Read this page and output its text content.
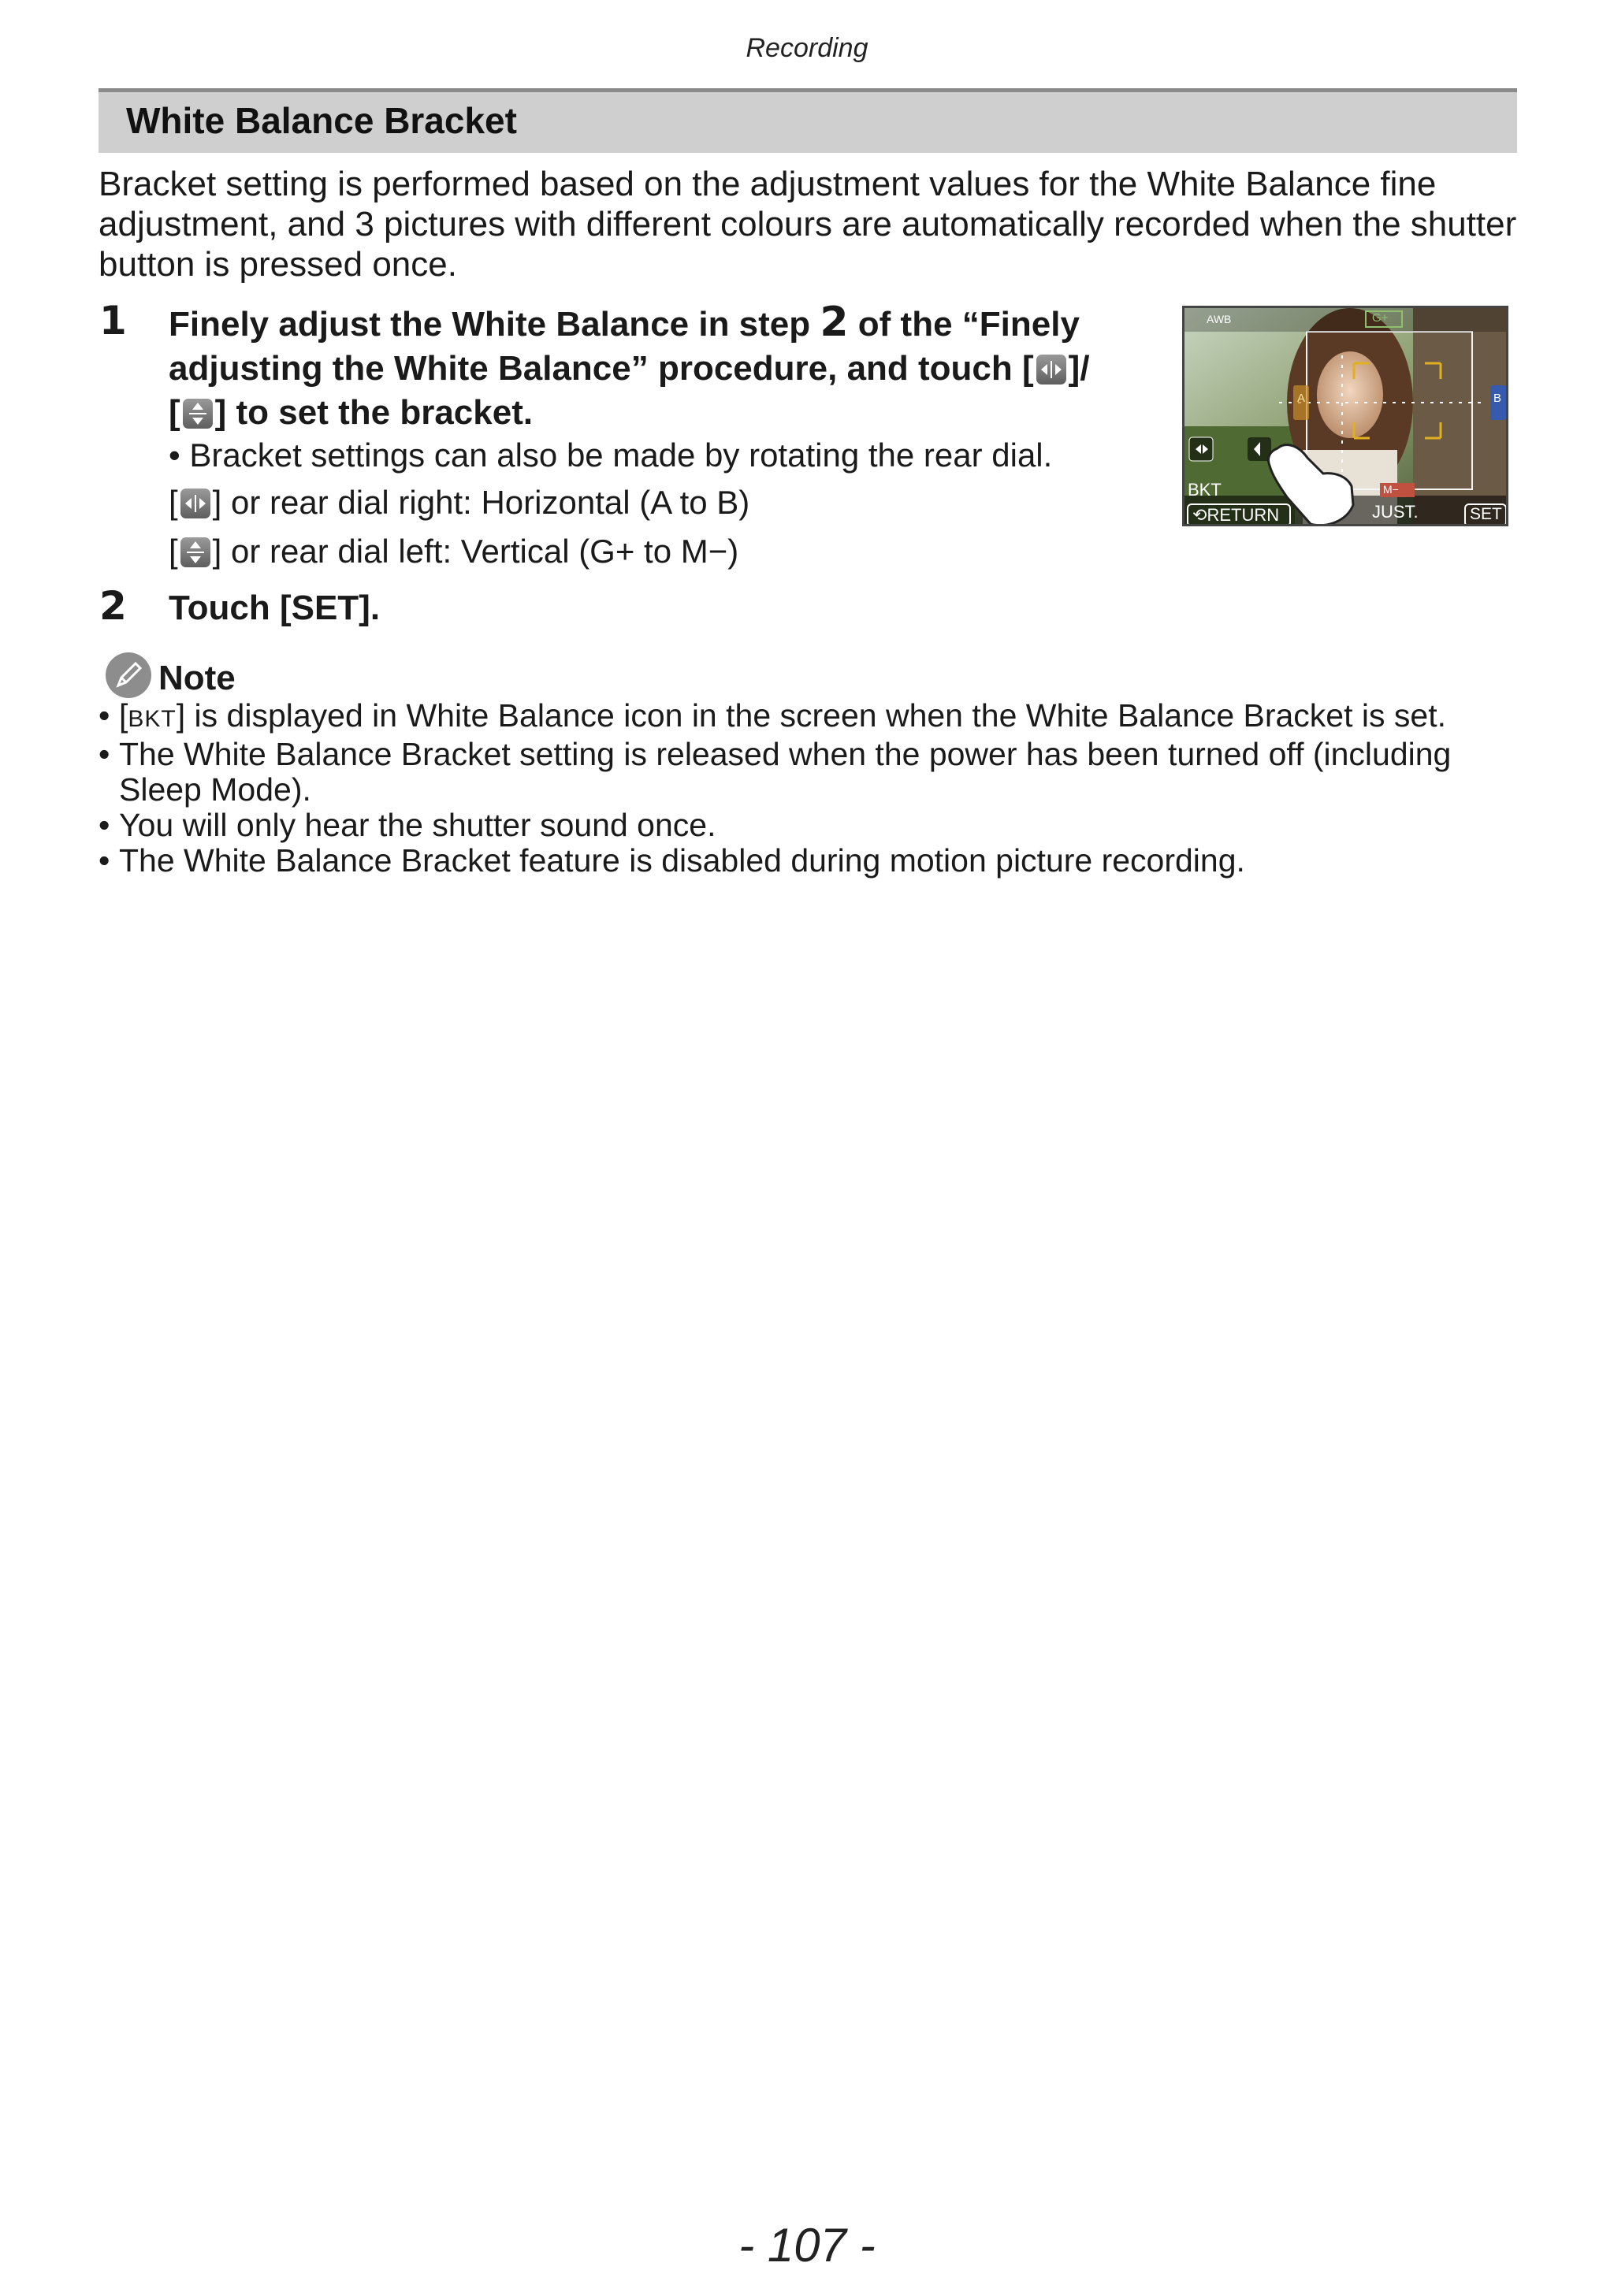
Recording
White Balance Bracket
Bracket setting is performed based on the adjustment values for the White Balance fine adjustment, and 3 pictures with different colours are automatically recorded when the shutter button is pressed once.
1 Finely adjust the White Balance in step 2 of the “Finely
adjusting the White Balance” procedure, and touch [ ]/
[ ] to set the bracket.
• Bracket settings can also be made by rotating the rear dial.
[ ] or rear dial right: Horizontal (A to B)
[ ] or rear dial left: Vertical (G+ to M−)
2 Touch [SET].
AWB	G+
A	B
M−
BKT
⟲RETURN	JUST.	SET
Note
• [BKT] is displayed in White Balance icon in the screen when the White Balance Bracket is set.
• The White Balance Bracket setting is released when the power has been turned off (including Sleep Mode).
• You will only hear the shutter sound once.
• The White Balance Bracket feature is disabled during motion picture recording.
- 107 -
